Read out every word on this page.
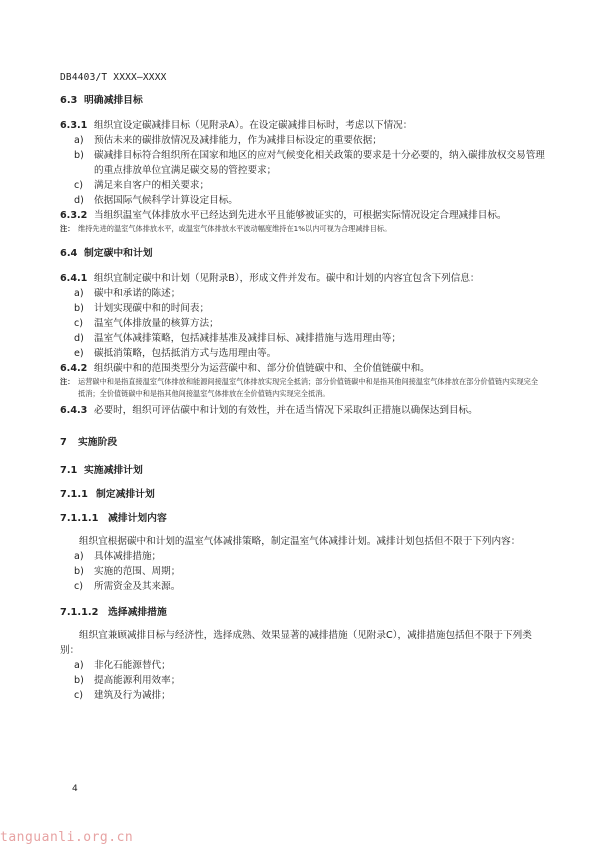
DB4403/T XXXX—XXXX
6.3 明确减排目标
6.3.1 组织宜设定碳减排目标（见附录A）。在设定碳减排目标时，考虑以下情况：
a) 预估未来的碳排放情况及减排能力，作为减排目标设定的重要依据；
b) 碳减排目标符合组织所在国家和地区的应对气候变化相关政策的要求是十分必要的，纳入碳排放权交易管理的重点排放单位宜满足碳交易的管控要求；
c) 满足来自客户的相关要求；
d) 依据国际气候科学计算设定目标。
6.3.2 当组织温室气体排放水平已经达到先进水平且能够被证实的，可根据实际情况设定合理减排目标。
注： 维持先进的温室气体排放水平，或温室气体排放水平波动幅度维持在1%以内可视为合理减排目标。
6.4 制定碳中和计划
6.4.1 组织宜制定碳中和计划（见附录B），形成文件并发布。碳中和计划的内容宜包含下列信息：
a) 碳中和承诺的陈述；
b) 计划实现碳中和的时间表；
c) 温室气体排放量的核算方法；
d) 温室气体减排策略，包括减排基准及减排目标、减排措施与选用理由等；
e) 碳抵消策略，包括抵消方式与选用理由等。
6.4.2 组织碳中和的范围类型分为运营碳中和、部分价值链碳中和、全价值链碳中和。
注： 运营碳中和是指直接温室气体排放和能源间接温室气体排放实现完全抵消；部分价值链碳中和是指其他间接温室气体排放在部分价值链内实现完全抵消；全价值链碳中和是指其他间接温室气体排放在全价值链内实现完全抵消。
6.4.3 必要时，组织可评估碳中和计划的有效性，并在适当情况下采取纠正措施以确保达到目标。
7 实施阶段
7.1 实施减排计划
7.1.1 制定减排计划
7.1.1.1 减排计划内容
组织宜根据碳中和计划的温室气体减排策略，制定温室气体减排计划。减排计划包括但不限于下列内容：
a) 具体减排措施；
b) 实施的范围、周期；
c) 所需资金及其来源。
7.1.1.2 选择减排措施
组织宜兼顾减排目标与经济性，选择成熟、效果显著的减排措施（见附录C），减排措施包括但不限于下列类别：
a) 非化石能源替代；
b) 提高能源利用效率；
c) 建筑及行为减排；
4
tanguanli.org.cn
